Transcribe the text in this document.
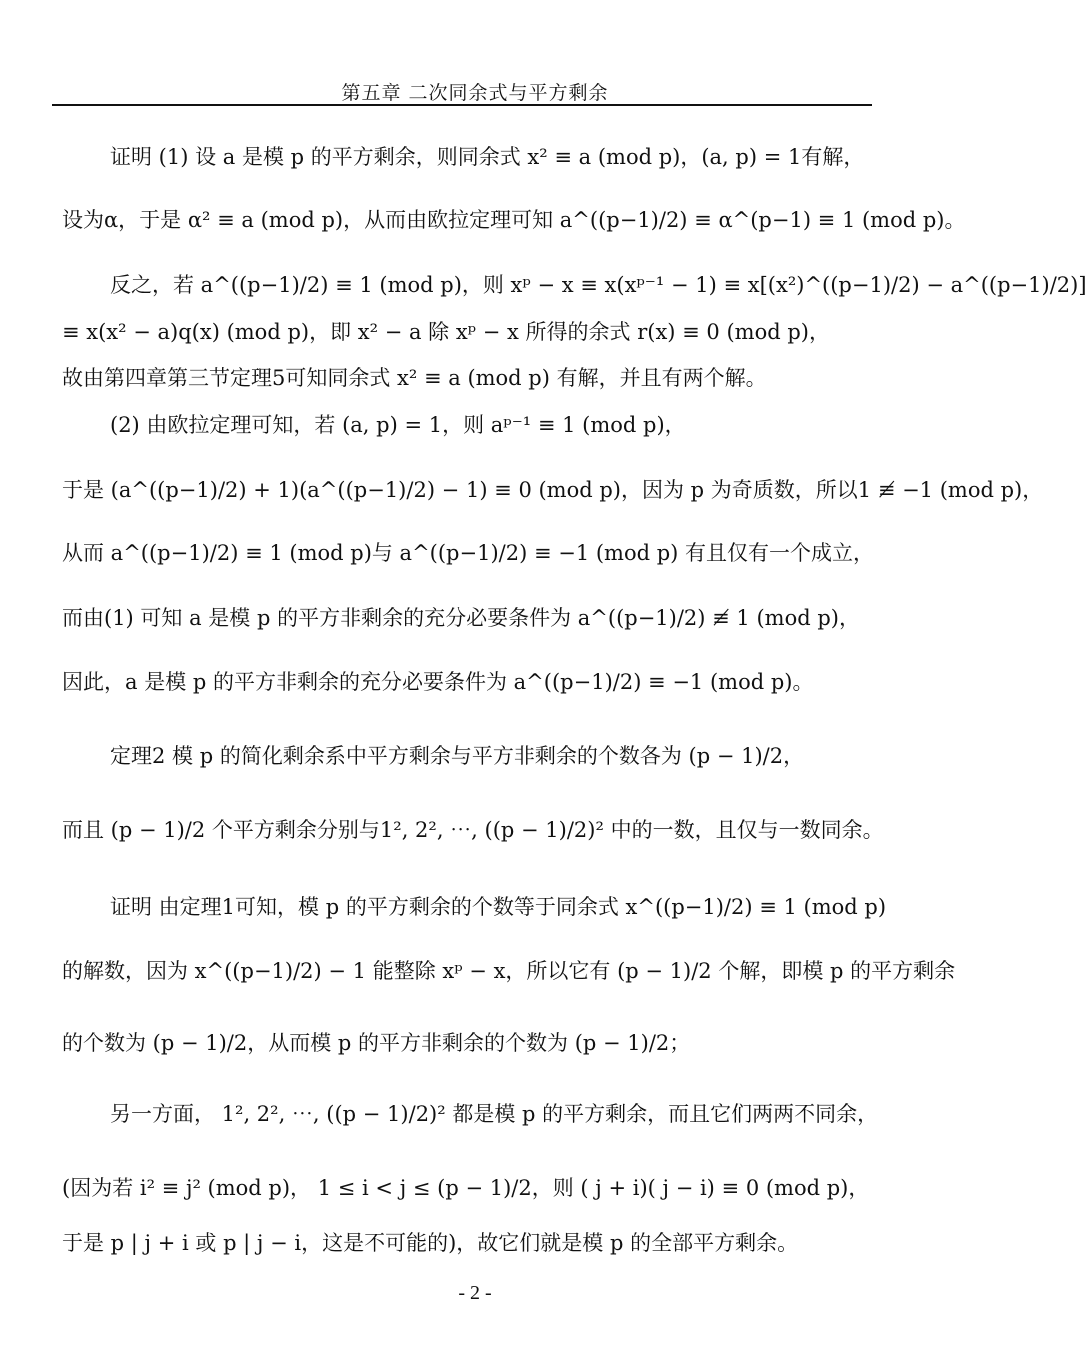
第五章 二次同余式与平方剩余
证明 (1) 设 a 是模 p 的平方剩余，则同余式 x² ≡ a (mod p)，(a, p) = 1有解，
设为α，于是 α² ≡ a (mod p)，从而由欧拉定理可知 a^((p−1)/2) ≡ α^(p−1) ≡ 1 (mod p)。
反之，若 a^((p−1)/2) ≡ 1 (mod p)，则 xᵖ − x ≡ x(xᵖ⁻¹ − 1) ≡ x[(x²)^((p−1)/2) − a^((p−1)/2)]
≡ x(x² − a)q(x) (mod p)，即 x² − a 除 xᵖ − x 所得的余式 r(x) ≡ 0 (mod p)，
故由第四章第三节定理5可知同余式 x² ≡ a (mod p) 有解，并且有两个解。
(2) 由欧拉定理可知，若 (a, p) = 1，则 aᵖ⁻¹ ≡ 1 (mod p)，
于是 (a^((p−1)/2) + 1)(a^((p−1)/2) − 1) ≡ 0 (mod p)，因为 p 为奇质数，所以1 ≢ −1 (mod p)，
从而 a^((p−1)/2) ≡ 1 (mod p)与 a^((p−1)/2) ≡ −1 (mod p) 有且仅有一个成立，
而由(1) 可知 a 是模 p 的平方非剩余的充分必要条件为 a^((p−1)/2) ≢ 1 (mod p)，
因此，a 是模 p 的平方非剩余的充分必要条件为 a^((p−1)/2) ≡ −1 (mod p)。
定理2 模 p 的简化剩余系中平方剩余与平方非剩余的个数各为 (p − 1)/2，
而且 (p − 1)/2 个平方剩余分别与1², 2², ⋯, ((p − 1)/2)² 中的一数，且仅与一数同余。
证明 由定理1可知，模 p 的平方剩余的个数等于同余式 x^((p−1)/2) ≡ 1 (mod p)
的解数，因为 x^((p−1)/2) − 1 能整除 xᵖ − x，所以它有 (p − 1)/2 个解，即模 p 的平方剩余
的个数为 (p − 1)/2，从而模 p 的平方非剩余的个数为 (p − 1)/2；
另一方面， 1², 2², ⋯, ((p − 1)/2)² 都是模 p 的平方剩余，而且它们两两不同余，
(因为若 i² ≡ j² (mod p)， 1 ≤ i < j ≤ (p − 1)/2，则 ( j + i)( j − i) ≡ 0 (mod p)，
于是 p | j + i 或 p | j − i，这是不可能的)，故它们就是模 p 的全部平方剩余。
- 2 -
